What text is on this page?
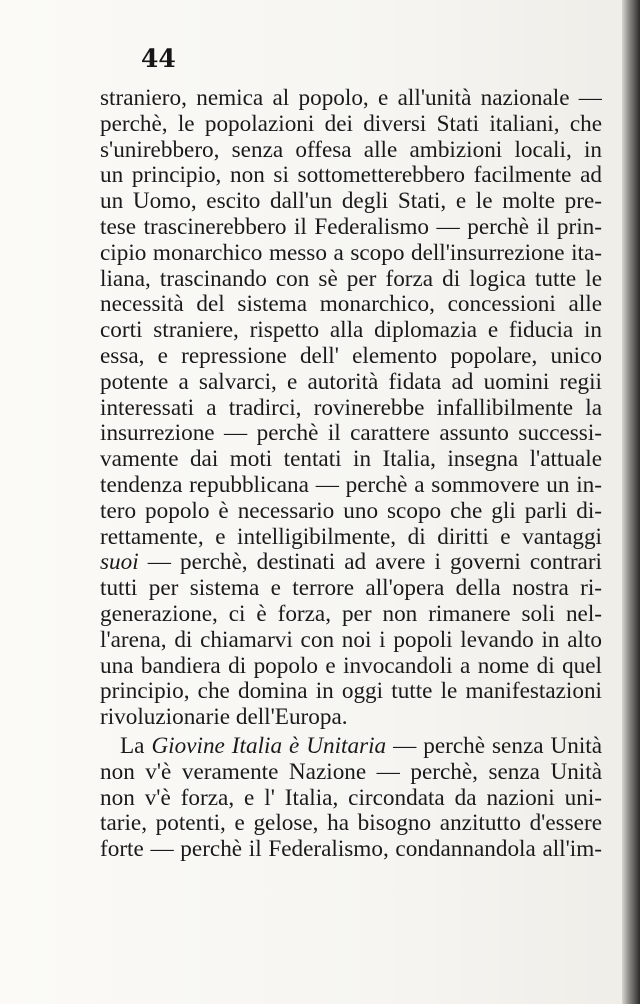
44
straniero, nemica al popolo, e all'unità nazionale —
perchè, le popolazioni dei diversi Stati italiani, che
s'unirebbero, senza offesa alle ambizioni locali, in
un principio, non si sottometterebbero facilmente ad
un Uomo, escito dall'un degli Stati, e le molte pre-
tese trascinerebbero il Federalismo — perchè il prin-
cipio monarchico messo a scopo dell'insurrezione ita-
liana, trascinando con sè per forza di logica tutte le
necessità del sistema monarchico, concessioni alle
corti straniere, rispetto alla diplomazia e fiducia in
essa, e repressione dell' elemento popolare, unico
potente a salvarci, e autorità fidata ad uomini regii
interessati a tradirci, rovinerebbe infallibilmente la
insurrezione — perchè il carattere assunto successi-
vamente dai moti tentati in Italia, insegna l'attuale
tendenza repubblicana — perchè a sommovere un in-
tero popolo è necessario uno scopo che gli parli di-
rettamente, e intelligibilmente, di diritti e vantaggi
suoi — perchè, destinati ad avere i governi contrari
tutti per sistema e terrore all'opera della nostra ri-
generazione, ci è forza, per non rimanere soli nel-
l'arena, di chiamarvi con noi i popoli levando in alto
una bandiera di popolo e invocandoli a nome di quel
principio, che domina in oggi tutte le manifestazioni
rivoluzionarie dell'Europa.
La Giovine Italia è Unitaria — perchè senza Unità
non v'è veramente Nazione — perchè, senza Unità
non v'è forza, e l' Italia, circondata da nazioni uni-
tarie, potenti, e gelose, ha bisogno anzitutto d'essere
forte — perchè il Federalismo, condannandola all'im-
